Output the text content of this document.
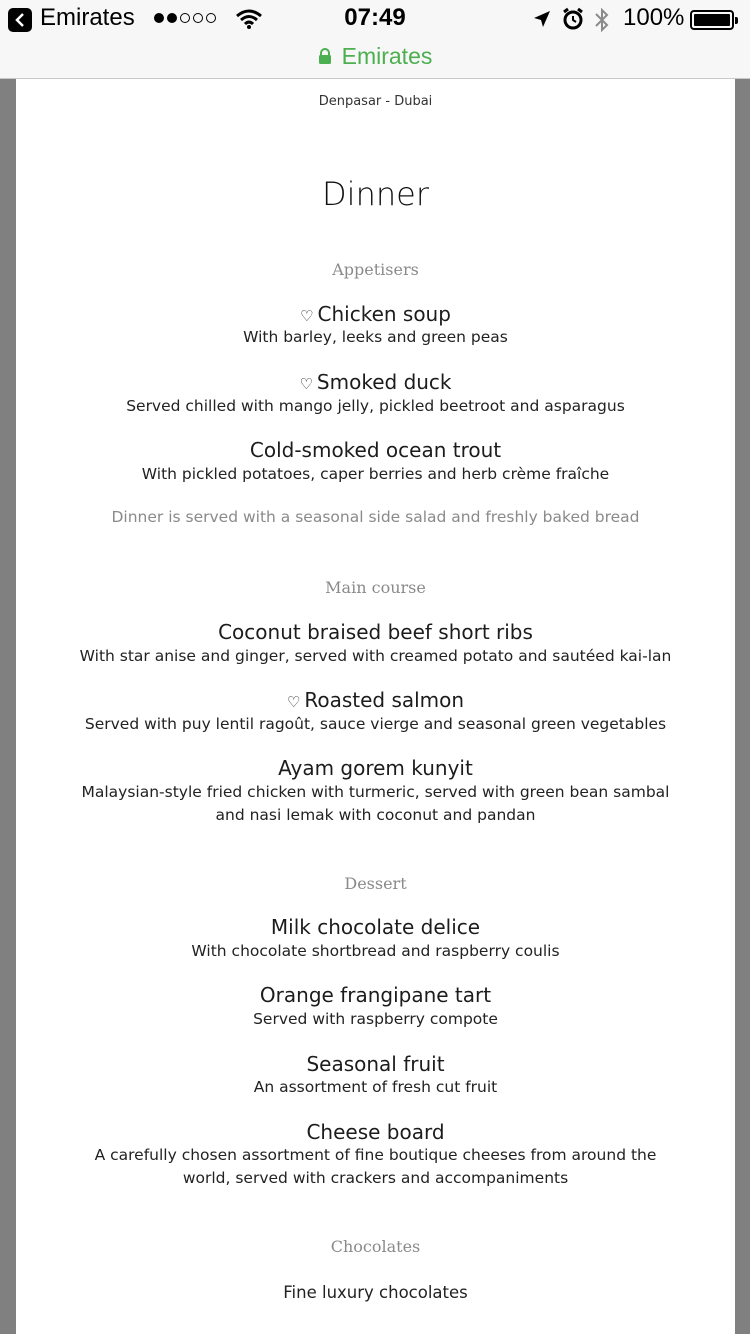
Emirates	07:49	100%
Emirates
Denpasar - Dubai
Dinner
Appetisers
♡ Chicken soup
With barley, leeks and green peas
♡ Smoked duck
Served chilled with mango jelly, pickled beetroot and asparagus
Cold-smoked ocean trout
With pickled potatoes, caper berries and herb crème fraîche
Dinner is served with a seasonal side salad and freshly baked bread
Main course
Coconut braised beef short ribs
With star anise and ginger, served with creamed potato and sautéed kai-lan
♡ Roasted salmon
Served with puy lentil ragoût, sauce vierge and seasonal green vegetables
Ayam gorem kunyit
Malaysian-style fried chicken with turmeric, served with green bean sambal and nasi lemak with coconut and pandan
Dessert
Milk chocolate delice
With chocolate shortbread and raspberry coulis
Orange frangipane tart
Served with raspberry compote
Seasonal fruit
An assortment of fresh cut fruit
Cheese board
A carefully chosen assortment of fine boutique cheeses from around the world, served with crackers and accompaniments
Chocolates
Fine luxury chocolates
